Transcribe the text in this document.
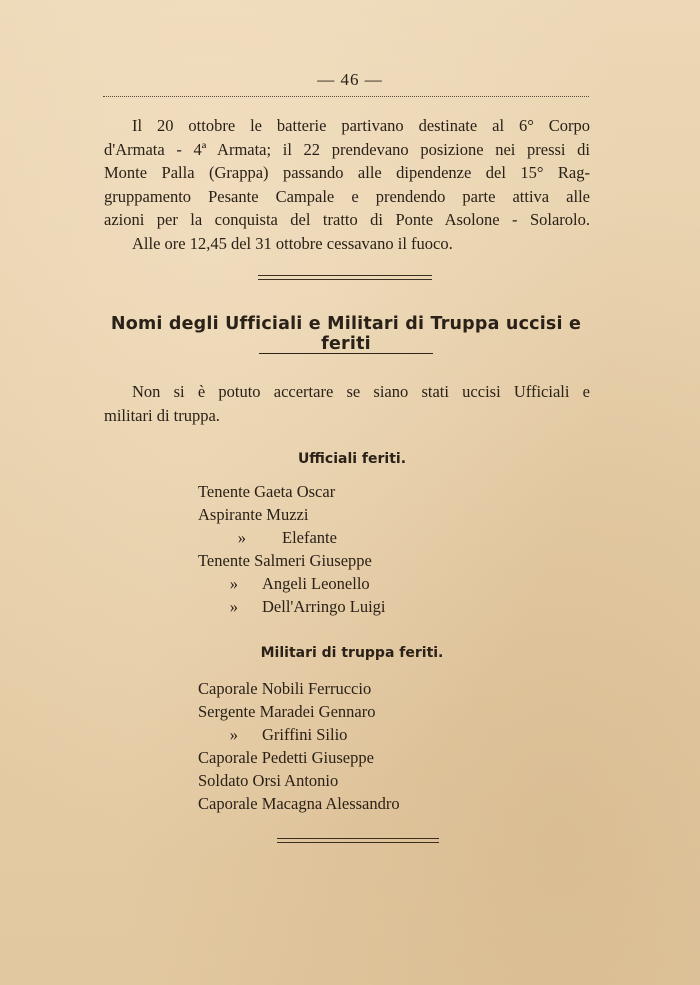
— 46 —
Il 20 ottobre le batterie partivano destinate al 6° Corpo
d'Armata - 4ª Armata; il 22 prendevano posizione nei pressi di
Monte Palla (Grappa) passando alle dipendenze del 15° Rag-
gruppamento Pesante Campale e prendendo parte attiva alle
azioni per la conquista del tratto di Ponte Asolone - Solarolo.
Alle ore 12,45 del 31 ottobre cessavano il fuoco.
Nomi degli Ufficiali e Militari di Truppa uccisi e feriti
Non si è potuto accertare se siano stati uccisi Ufficiali e
militari di truppa.
Ufficiali feriti.
Tenente Gaeta Oscar
Aspirante Muzzi
» Elefante
Tenente Salmeri Giuseppe
» Angeli Leonello
» Dell'Arringo Luigi
Militari di truppa feriti.
Caporale Nobili Ferruccio
Sergente Maradei Gennaro
» Griffini Silio
Caporale Pedetti Giuseppe
Soldato Orsi Antonio
Caporale Macagna Alessandro
